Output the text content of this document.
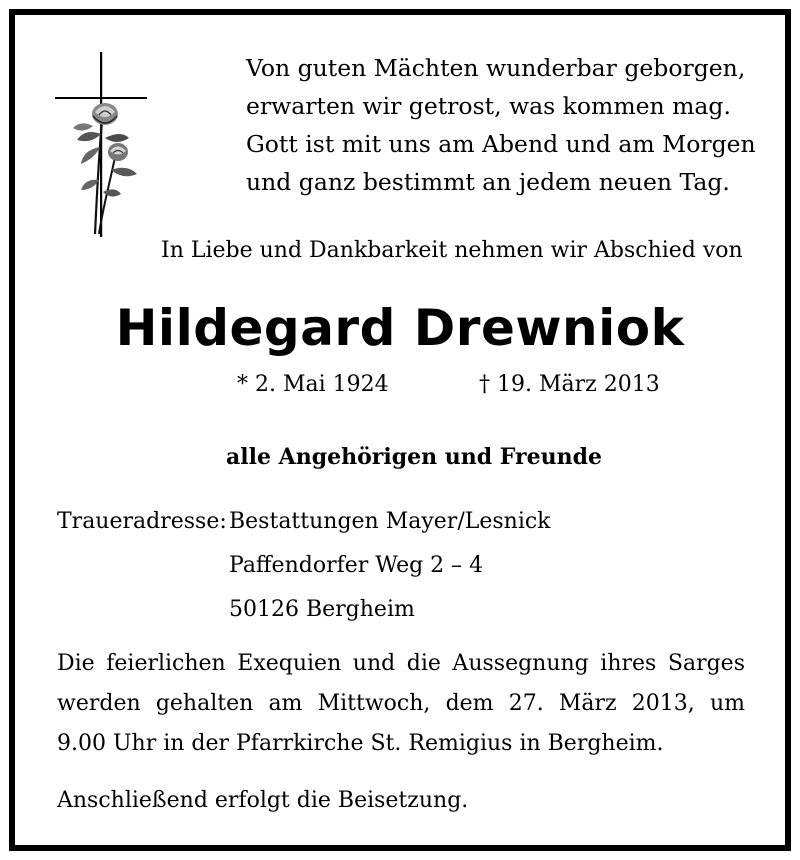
Von guten Mächten wunderbar geborgen,
erwarten wir getrost, was kommen mag.
Gott ist mit uns am Abend und am Morgen
und ganz bestimmt an jedem neuen Tag.
In Liebe und Dankbarkeit nehmen wir Abschied von
Hildegard Drewniok
* 2. Mai 1924	† 19. März 2013
alle Angehörigen und Freunde
Traueradresse: Bestattungen Mayer/Lesnick
Paffendorfer Weg 2 – 4
50126 Bergheim
Die feierlichen Exequien und die Aussegnung ihres Sarges
werden gehalten am Mittwoch, dem 27. März 2013, um
9.00 Uhr in der Pfarrkirche St. Remigius in Bergheim.
Anschließend erfolgt die Beisetzung.
